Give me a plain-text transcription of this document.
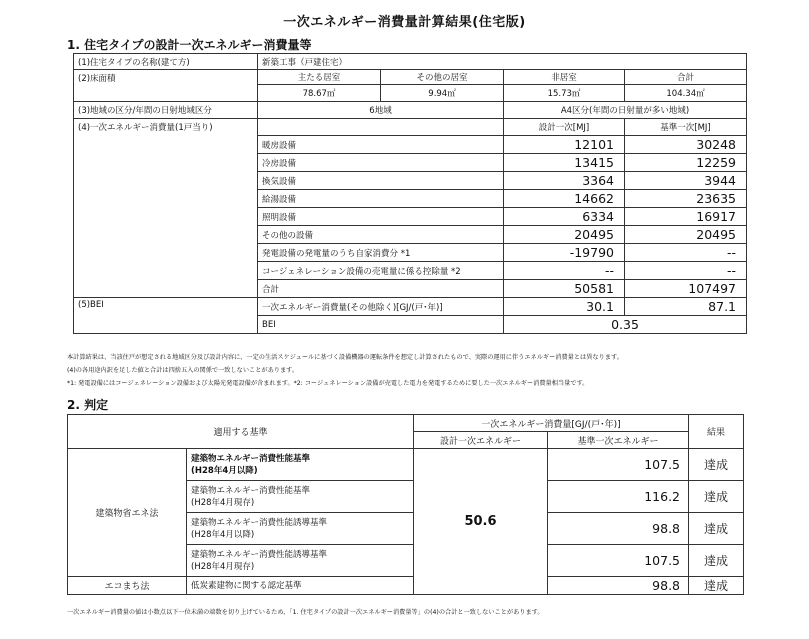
一次エネルギー消費量計算結果(住宅版)
1. 住宅タイプの設計一次エネルギー消費量等
(1)住宅タイプの名称(建て方)	新築工事（戸建住宅）			
(2)床面積	主たる居室	その他の居室	非居室	合計
	78.67㎡	9.94㎡	15.73㎡	104.34㎡
(3)地域の区分/年間の日射地域区分	6地域		A4区分(年間の日射量が多い地域)	
(4)一次エネルギー消費量(1戸当り)			設計一次[MJ]	基準一次[MJ]
	暖房設備		12101	30248
	冷房設備		13415	12259
	換気設備		3364	3944
	給湯設備		14662	23635
	照明設備		6334	16917
	その他の設備		20495	20495
	発電設備の発電量のうち自家消費分 *1		-19790	--
	コージェネレーション設備の売電量に係る控除量 *2		--	--
	合計		50581	107497
(5)BEI	一次エネルギー消費量(その他除く)[GJ/(戸･年)]		30.1	87.1
	BEI		0.35	
本計算結果は、当該住戸が想定される地域区分及び設計内容に、一定の生活スケジュールに基づく設備機器の運転条件を想定し計算されたもので、実際の運用に伴うエネルギー消費量とは異なります。
(4)の各用途内訳を足した値と合計は四捨五入の関係で一致しないことがあります。
*1: 発電設備にはコージェネレーション設備および太陽光発電設備が含まれます。*2: コージェネレーション設備が売電した電力を発電するために要した一次エネルギー消費量相当量です。
2. 判定
適用する基準		一次エネルギー消費量[GJ/(戸･年)]		結果
		設計一次エネルギー	基準一次エネルギー	
建築物省エネ法	建築物エネルギー消費性能基準
(H28年4月以降)	50.6	107.5	達成

	建築物エネルギー消費性能基準
(H28年4月現存)		116.2	達成

	建築物エネルギー消費性能誘導基準
(H28年4月以降)		98.8	達成

	建築物エネルギー消費性能誘導基準
(H28年4月現存)		107.5	達成
エコまち法	低炭素建物に関する認定基準		98.8	達成
一次エネルギー消費量の値は小数点以下一位未満の端数を切り上げているため、「1. 住宅タイプの設計一次エネルギー消費量等」の(4)の合計と一致しないことがあります。
